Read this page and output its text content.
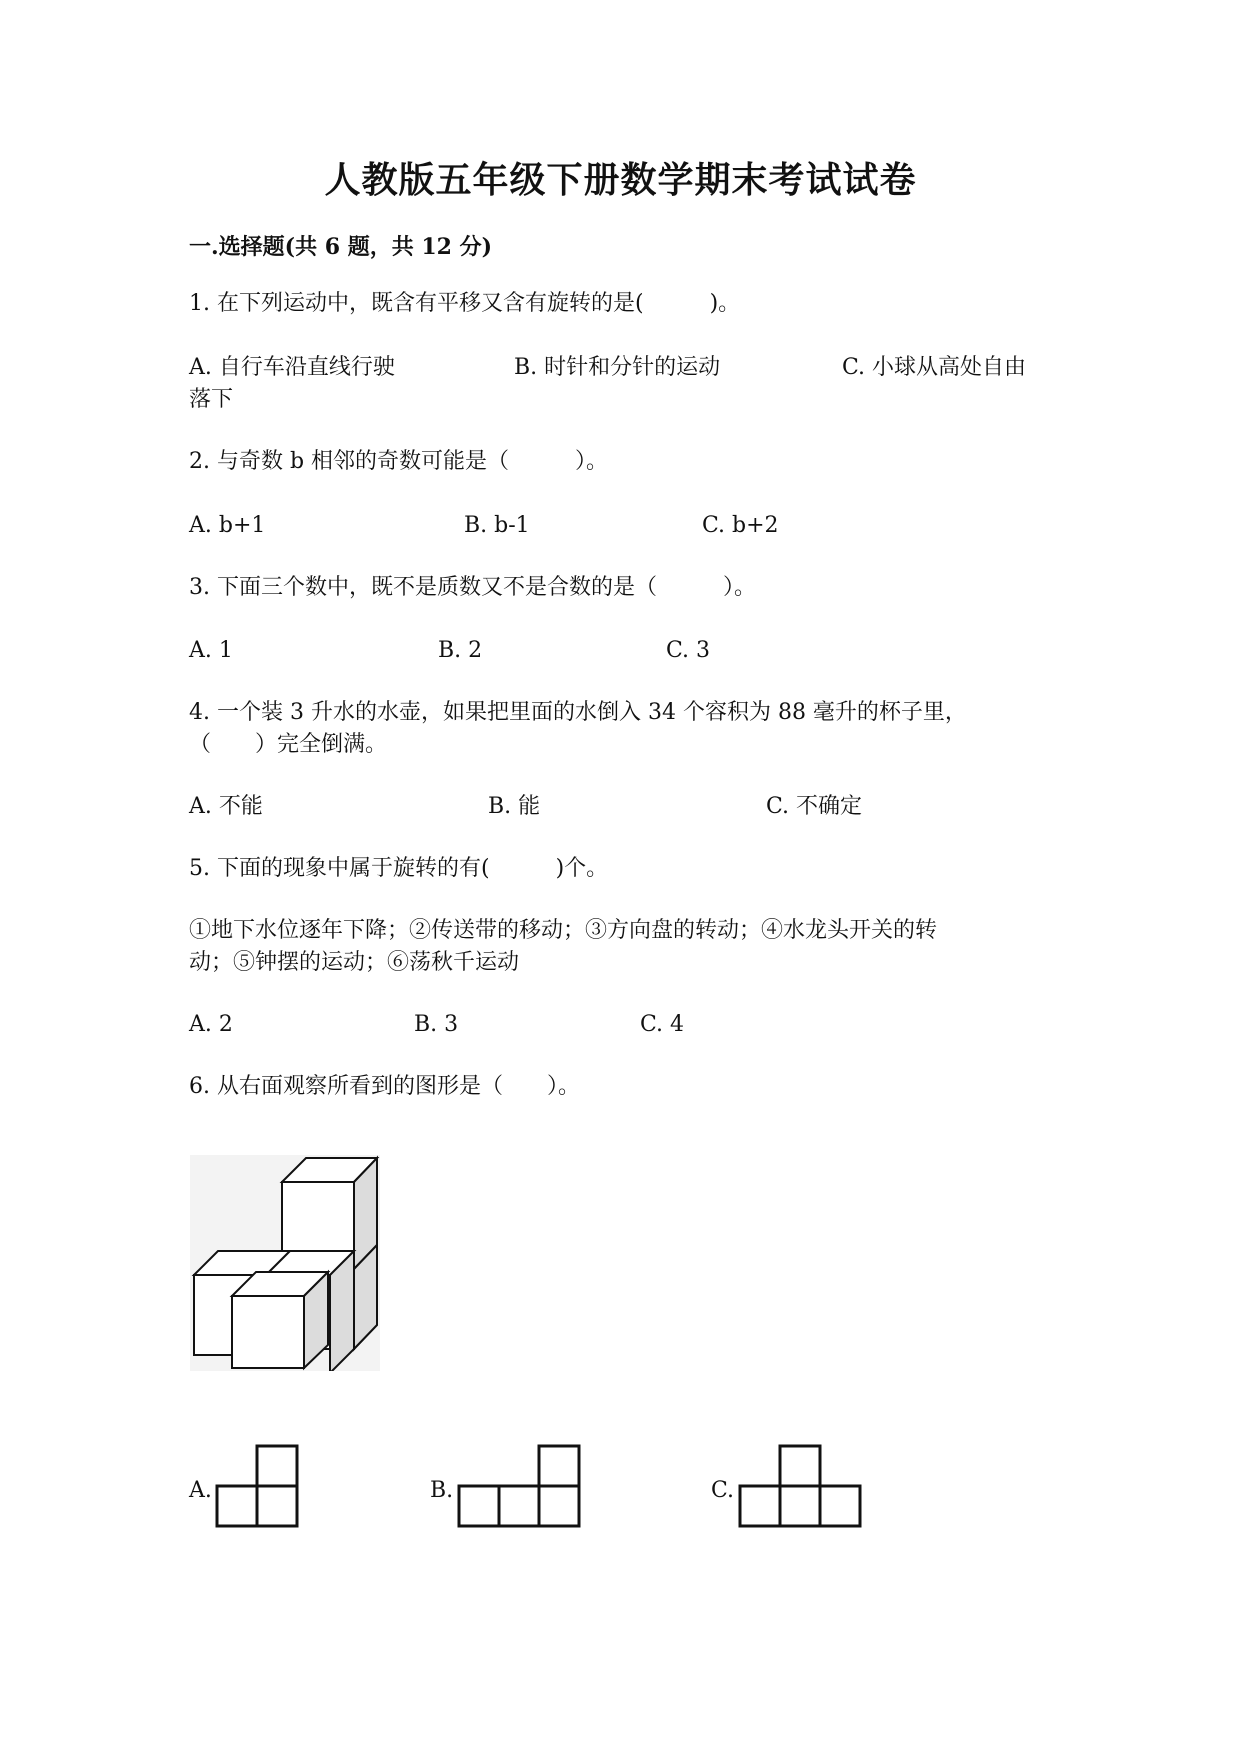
人教版五年级下册数学期末考试试卷
一.选择题(共 6 题，共 12 分)

1. 在下列运动中，既含有平移又含有旋转的是(　　　)。

A. 自行车沿直线行驶	B. 时针和分针的运动	C. 小球从高处自由
落下

2. 与奇数 b 相邻的奇数可能是（　　　）。

A. b+1	B. b-1	C. b+2

3. 下面三个数中，既不是质数又不是合数的是（　　　）。

A. 1	B. 2	C. 3

4. 一个装 3 升水的水壶，如果把里面的水倒入 34 个容积为 88 毫升的杯子里，

（　　）完全倒满。

A. 不能	B. 能	C. 不确定

5. 下面的现象中属于旋转的有(　　　)个。

①地下水位逐年下降；②传送带的移动；③方向盘的转动；④水龙头开关的转

动；⑤钟摆的运动；⑥荡秋千运动

A. 2	B. 3	C. 4

6. 从右面观察所看到的图形是（　　）。

A.	B.	C.
